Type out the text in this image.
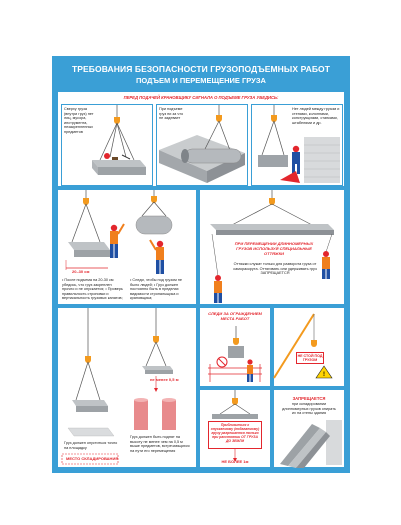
ТРЕБОВАНИЯ БЕЗОПАСНОСТИ ГРУЗОПОДЪЕМНЫХ РАБОТ
ПОДЪЕМ И ПЕРЕМЕЩЕНИЕ ГРУЗА
ПЕРЕД ПОДАЧЕЙ КРАНОВЩИКУ СИГНАЛА О ПОДЪЕМЕ ГРУЗА УБЕДИСЬ:
Сверху груза (внутри груз) нет лиц, мусора, инструмента, незакрепленных предметов
При подъеме груз ни за что не задевает
Нет людей между грузом и стенами, колоннами, конструкциями, станками, штабелями и др.
20–30 см
• После подъема на 20-30 см убедись, что груз закреплен прочно и не опускается; • Проверь правильность строповки и вертикальность грузовых канатов;
• Следи, чтобы под грузом не было людей; • Груз должен постоянно быть в пределах видимости стропальщика и крановщика;
ПРИ ПЕРЕМЕЩЕНИИ ДЛИННОМЕРНЫХ ГРУЗОВ ИСПОЛЬЗУЙ СПЕЦИАЛЬНЫЕ ОТТЯЖКИ
Оттяжки служат только для разворота груза от самораскрута. Оттягивать или удерживать груз ЗАПРЕЩАЕТСЯ
не менее 0,5 м
Груз должен опуститься точно на площадку
МЕСТО СКЛАДИРОВАНИЯ
Груз должен быть поднят на высоту не менее чем на 0,5 м выше предметов, встречающихся на пути его перемещения
СЛЕДИ ЗА ОГРАЖДЕНИЕМ МЕСТА РАБОТ
!
НЕ СТОЙ ПОД ГРУЗОМ
Приблизиться к опускаемому (подаваемому) грузу разрешается только при расстоянии ОТ ГРУЗА ДО ЗЕМЛИ
НЕ БОЛЕЕ 1м
ЗАПРЕЩАЕТСЯ
при складировании длинномерных грузов опирать их на стены здания
